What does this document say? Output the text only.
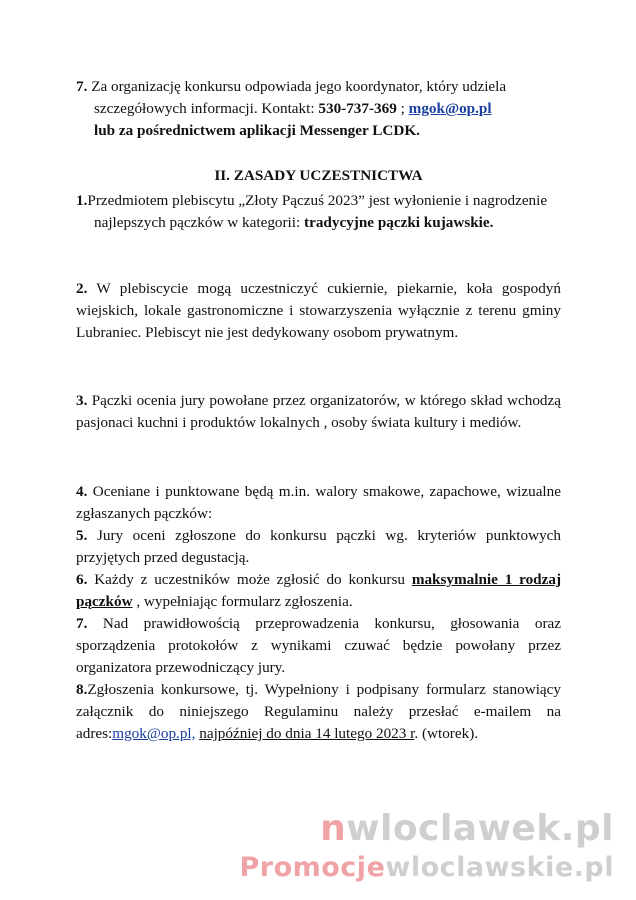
7. Za organizację konkursu odpowiada jego koordynator, który udziela szczegółowych informacji. Kontakt: 530-737-369 ; mgok@op.pl
lub za pośrednictwem aplikacji Messenger LCDK.

II. ZASADY UCZESTNICTWA

1.Przedmiotem plebiscytu „Złoty Pączuś 2023” jest wyłonienie i nagrodzenie najlepszych pączków w kategorii: tradycyjne pączki kujawskie.

2. W plebiscycie mogą uczestniczyć cukiernie, piekarnie, koła gospodyń wiejskich, lokale gastronomiczne i stowarzyszenia wyłącznie z terenu gminy Lubraniec. Plebiscyt nie jest dedykowany osobom prywatnym.

3. Pączki ocenia jury powołane przez organizatorów, w którego skład wchodzą pasjonaci kuchni i produktów lokalnych , osoby świata kultury i mediów.

4. Oceniane i punktowane będą m.in. walory smakowe, zapachowe, wizualne zgłaszanych pączków:
5. Jury oceni zgłoszone do konkursu pączki wg. kryteriów punktowych przyjętych przed degustacją.
6. Każdy z uczestników może zgłosić do konkursu maksymalnie 1 rodzaj pączków , wypełniając formularz zgłoszenia.
7. Nad prawidłowością przeprowadzenia konkursu, głosowania oraz sporządzenia protokołów z wynikami czuwać będzie powołany przez organizatora przewodniczący jury.
8.Zgłoszenia konkursowe, tj. Wypełniony i podpisany formularz stanowiący załącznik do niniejszego Regulaminu należy przesłać e-mailem na adres:mgok@op.pl, najpóźniej do dnia 14 lutego 2023 r. (wtorek).

nwloclawek.pl
Promocjewloclawskie.pl
